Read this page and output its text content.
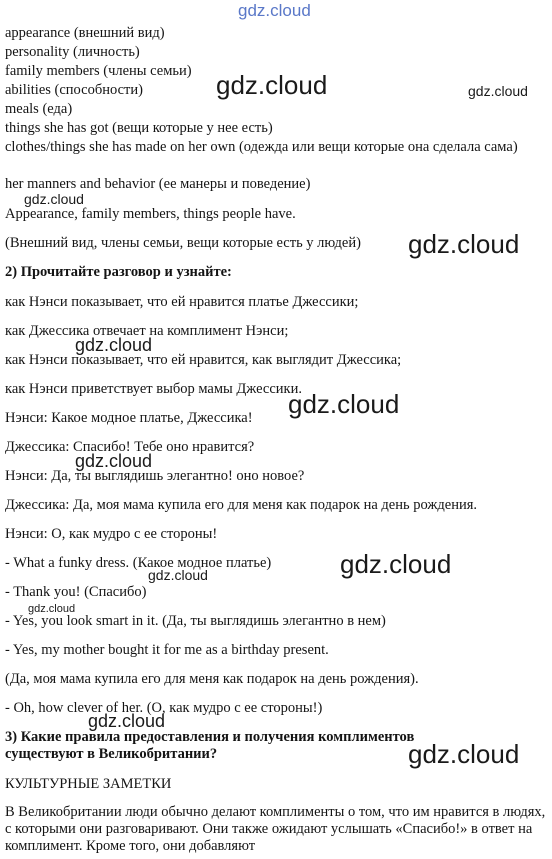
gdz.cloud
appearance (внешний вид)
personality (личность)
family members (члены семьи)
abilities (способности)
meals (еда)
things she has got (вещи которые у нее есть)
clothes/things she has made on her own (одежда или вещи которые она сделала сама)
her manners and behavior (ее манеры и поведение)
gdz.cloud	gdz.cloud
gdz.cloud
Appearance, family members, things people have.
(Внешний вид, члены семьи, вещи которые есть у людей) gdz.cloud
2) Прочитайте разговор и узнайте:
как Нэнси показывает, что ей нравится платье Джессики;
как Джессика отвечает на комплимент Нэнси;
gdz.cloud
как Нэнси показывает, что ей нравится, как выглядит Джессика;
как Нэнси приветствует выбор мамы Джессики.
gdz.cloud
Нэнси: Какое модное платье, Джессика!
Джессика: Спасибо! Тебе оно нравится?
gdz.cloud
Нэнси: Да, ты выглядишь элегантно! оно новое?
Джессика: Да, моя мама купила его для меня как подарок на день рождения.
Нэнси: О, как мудро с ее стороны!
- What a funky dress. (Какое модное платье)	gdz.cloud
gdz.cloud
- Thank you! (Спасибо)
gdz.cloud
- Yes, you look smart in it. (Да, ты выглядишь элегантно в нем)
- Yes, my mother bought it for me as a birthday present.
(Да, моя мама купила его для меня как подарок на день рождения).
- Oh, how clever of her. (О, как мудро с ее стороны!)
gdz.cloud
3) Какие правила предоставления и получения комплиментов существуют в Великобритании?	gdz.cloud
КУЛЬТУРНЫЕ ЗАМЕТКИ
В Великобритании люди обычно делают комплименты о том, что им нравится в людях, с которыми они разговаривают. Они также ожидают услышать «Спасибо!» в ответ на комплимент. Кроме того, они добавляют
